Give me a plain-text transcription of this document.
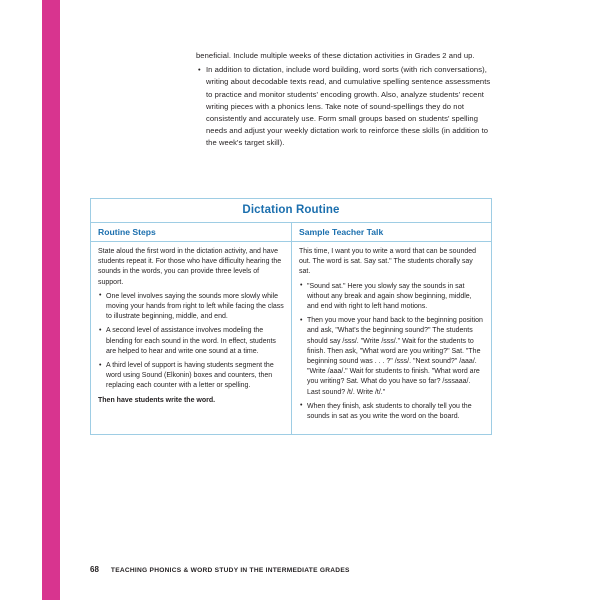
beneficial. Include multiple weeks of these dictation activities in Grades 2 and up.

• In addition to dictation, include word building, word sorts (with rich conversations), writing about decodable texts read, and cumulative spelling sentence assessments to practice and monitor students' encoding growth. Also, analyze students' recent writing pieces with a phonics lens. Take note of sound-spellings they do not consistently and accurately use. Form small groups based on students' spelling needs and adjust your weekly dictation work to reinforce these skills (in addition to the week's target skill).
Dictation Routine
Routine Steps	Sample Teacher Talk

State aloud the first word in the dictation activity, and have students repeat it. For those who have difficulty hearing the sounds in the words, you can provide three levels of support.

• One level involves saying the sounds more slowly while moving your hands from right to left while facing the class to illustrate beginning, middle, and end.
• A second level of assistance involves modeling the blending for each sound in the word. In effect, students are helped to hear and write one sound at a time.
• A third level of support is having students segment the word using Sound (Elkonin) boxes and counters, then replacing each counter with a letter or spelling.

Then have students write the word.

This time, I want you to write a word that can be sounded out. The word is sat. Say sat." The students chorally say sat.

• "Sound sat." Here you slowly say the sounds in sat without any break and again show beginning, middle, and end with right to left hand motions.
• Then you move your hand back to the beginning position and ask, "What's the beginning sound?" The students should say /sss/. "Write /sss/." Wait for the students to finish. Then ask, "What word are you writing?" Sat. "The beginning sound was . . . ?" /sss/. "Next sound?" /aaa/. "Write /aaa/." Wait for students to finish. "What word are you writing? Sat. What do you have so far? /sssaaa/. Last sound? /t/. Write /t/."
• When they finish, ask students to chorally tell you the sounds in sat as you write the word on the board.
68 TEACHING PHONICS & WORD STUDY IN THE INTERMEDIATE GRADES
